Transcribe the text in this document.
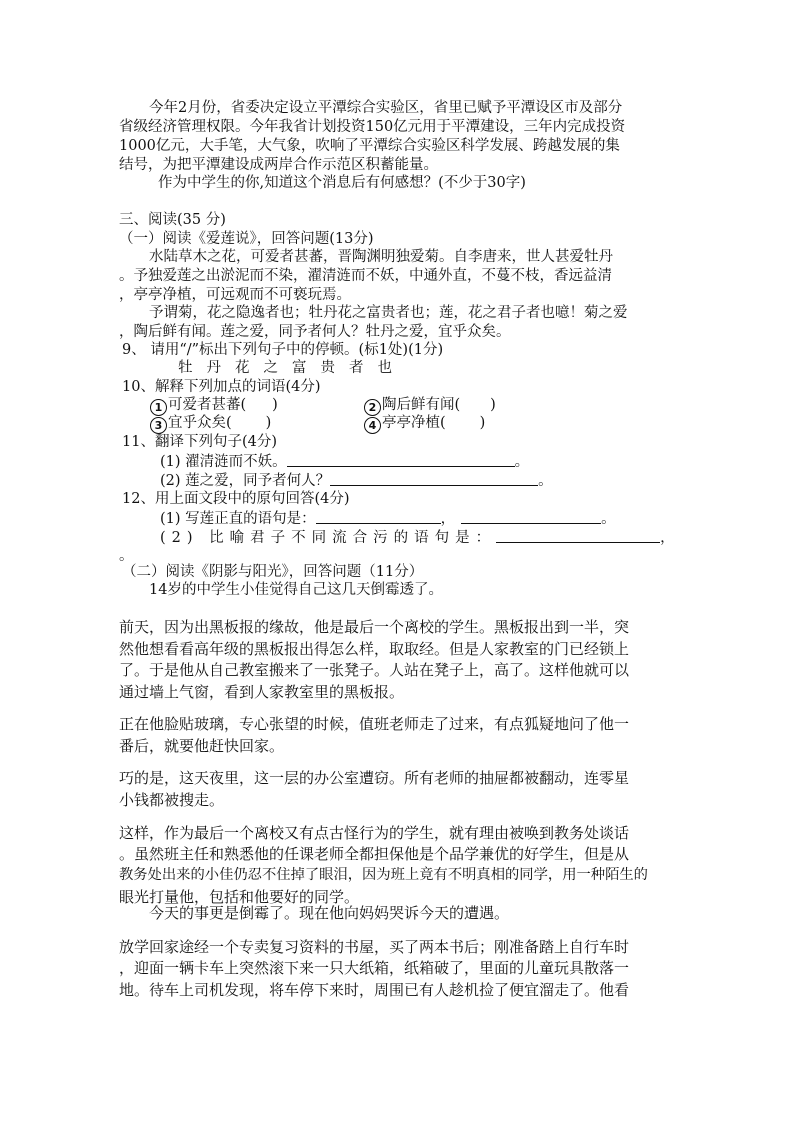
今年2月份，省委决定设立平潭综合实验区，省里已赋予平潭设区市及部分
省级经济管理权限。今年我省计划投资150亿元用于平潭建设，三年内完成投资
1000亿元，大手笔，大气象，吹响了平潭综合实验区科学发展、跨越发展的集
结号，为把平潭建设成两岸合作示范区积蓄能量。
作为中学生的你,知道这个消息后有何感想？(不少于30字)
三、阅读(35 分)
（一）阅读《爱莲说》，回答问题(13分)
水陆草木之花，可爱者甚蕃，晋陶渊明独爱菊。自李唐来，世人甚爱牡丹
。予独爱莲之出淤泥而不染，濯清涟而不妖，中通外直，不蔓不枝，香远益清
，亭亭净植，可远观而不可亵玩焉。
予谓菊，花之隐逸者也；牡丹花之富贵者也；莲，花之君子者也噫！菊之爱
，陶后鲜有闻。莲之爱，同予者何人？牡丹之爱，宜乎众矣。
9、 请用“/”标出下列句子中的停顿。(标1处)(1分)
牡丹花之富贵者也
10、解释下列加点的词语(4分)
1 可爱者甚蕃( )	2 陶后鲜有闻( )
3 宜乎众矣( )	4 亭亭净植( )
11、翻译下列句子(4分)
(1) 濯清涟而不妖。	。
(2) 莲之爱，同予者何人？	。
12、用上面文段中的原句回答(4分)
(1) 写莲正直的语句是：	，	。
(2) 比喻君子不同流合污的语句是：	，
。
（二）阅读《阴影与阳光》，回答问题（11分）
14岁的中学生小佳觉得自己这几天倒霉透了。
前天，因为出黑板报的缘故，他是最后一个离校的学生。黑板报出到一半，突
然他想看看高年级的黑板报出得怎么样，取取经。但是人家教室的门已经锁上
了。于是他从自己教室搬来了一张凳子。人站在凳子上，高了。这样他就可以
通过墙上气窗，看到人家教室里的黑板报。
正在他脸贴玻璃，专心张望的时候，值班老师走了过来，有点狐疑地问了他一
番后，就要他赶快回家。
巧的是，这天夜里，这一层的办公室遭窃。所有老师的抽屉都被翻动，连零星
小钱都被搜走。
这样，作为最后一个离校又有点古怪行为的学生，就有理由被唤到教务处谈话
。虽然班主任和熟悉他的任课老师全都担保他是个品学兼优的好学生，但是从
教务处出来的小佳仍忍不住掉了眼泪，因为班上竟有不明真相的同学，用一种陌生的
眼光打量他，包括和他要好的同学。
今天的事更是倒霉了。现在他向妈妈哭诉今天的遭遇。
放学回家途经一个专卖复习资料的书屋，买了两本书后；刚准备踏上自行车时
，迎面一辆卡车上突然滚下来一只大纸箱，纸箱破了，里面的儿童玩具散落一
地。待车上司机发现，将车停下来时，周围已有人趁机捡了便宜溜走了。他看
